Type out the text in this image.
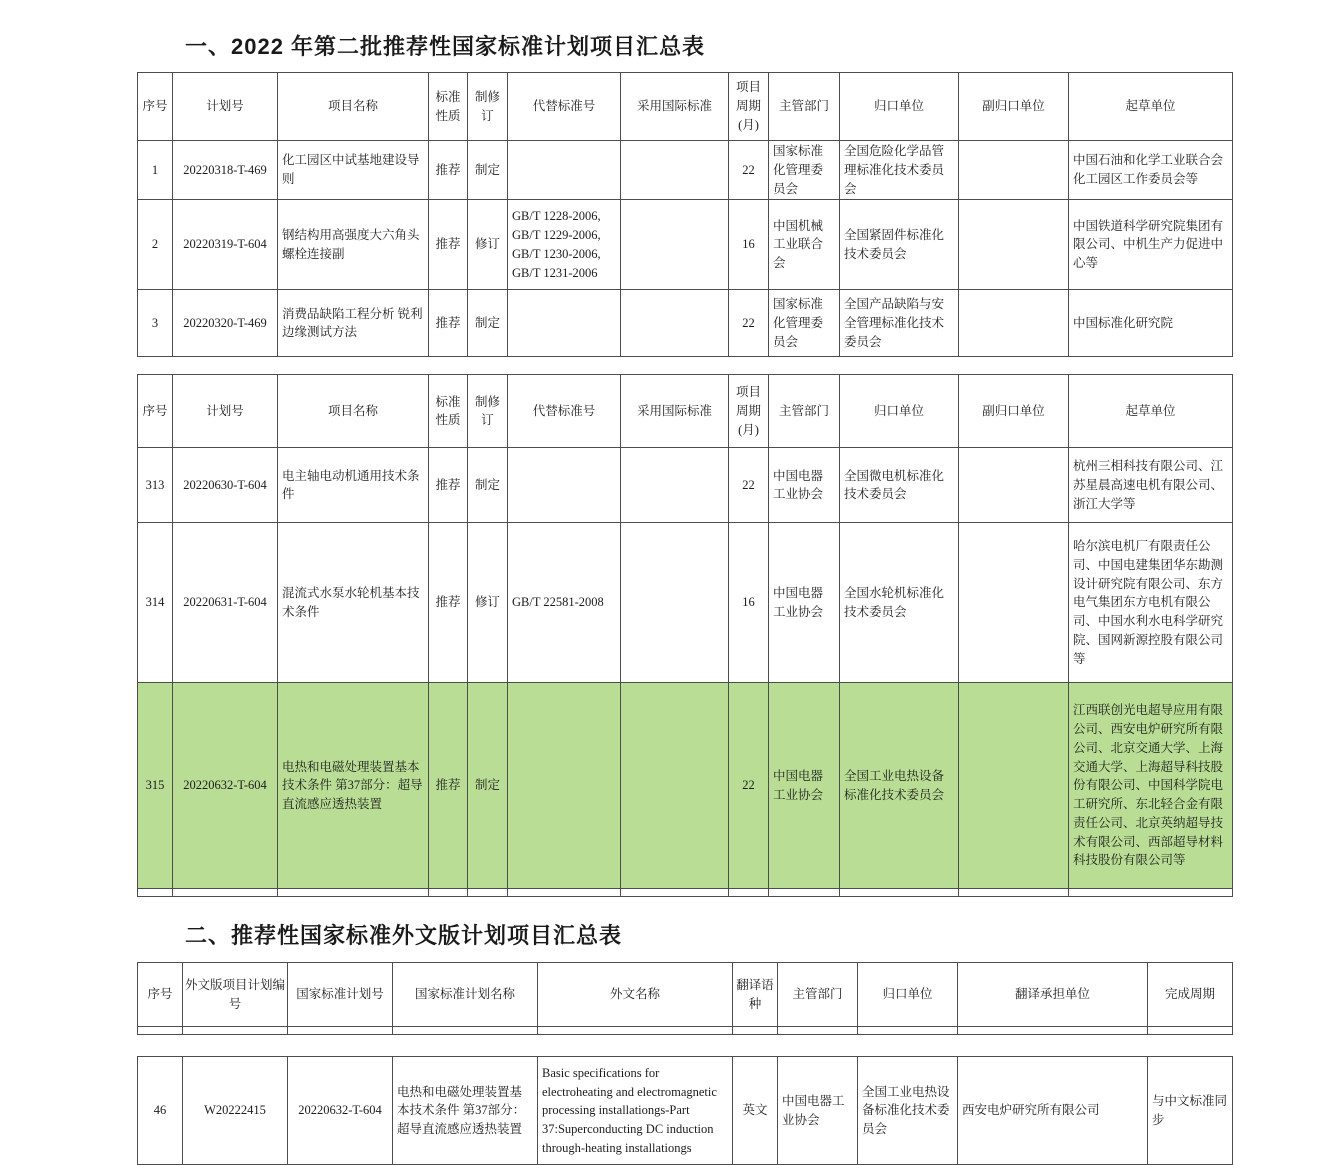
一、2022 年第二批推荐性国家标准计划项目汇总表
序号	计划号	项目名称	标准性质	制修订	代替标准号	采用国际标准	项目周期(月)	主管部门	归口单位	副归口单位	起草单位
1	20220318-T-469	化工园区中试基地建设导则	推荐	制定			22	国家标准化管理委员会	全国危险化学品管理标准化技术委员会		中国石油和化学工业联合会化工园区工作委员会等
2	20220319-T-604	钢结构用高强度大六角头螺栓连接副	推荐	修订	GB/T 1228-2006, GB/T 1229-2006, GB/T 1230-2006, GB/T 1231-2006		16	中国机械工业联合会	全国紧固件标准化技术委员会		中国铁道科学研究院集团有限公司、中机生产力促进中心等
3	20220320-T-469	消费品缺陷工程分析 锐利边缘测试方法	推荐	制定			22	国家标准化管理委员会	全国产品缺陷与安全管理标准化技术委员会		中国标准化研究院
序号	计划号	项目名称	标准性质	制修订	代替标准号	采用国际标准	项目周期(月)	主管部门	归口单位	副归口单位	起草单位
313	20220630-T-604	电主轴电动机通用技术条件	推荐	制定			22	中国电器工业协会	全国微电机标准化技术委员会		杭州三相科技有限公司、江苏星晨高速电机有限公司、浙江大学等
314	20220631-T-604	混流式水泵水轮机基本技术条件	推荐	修订	GB/T 22581-2008		16	中国电器工业协会	全国水轮机标准化技术委员会		哈尔滨电机厂有限责任公司、中国电建集团华东勘测设计研究院有限公司、东方电气集团东方电机有限公司、中国水利水电科学研究院、国网新源控股有限公司等
315	20220632-T-604	电热和电磁处理装置基本技术条件 第37部分：超导直流感应透热装置	推荐	制定			22	中国电器工业协会	全国工业电热设备标准化技术委员会		江西联创光电超导应用有限公司、西安电炉研究所有限公司、北京交通大学、上海交通大学、上海超导科技股份有限公司、中国科学院电工研究所、东北轻合金有限责任公司、北京英纳超导技术有限公司、西部超导材料科技股份有限公司等

二、推荐性国家标准外文版计划项目汇总表
序号	外文版项目计划编号	国家标准计划号	国家标准计划名称	外文名称	翻译语种	主管部门	归口单位	翻译承担单位	完成周期

46	W20222415	20220632-T-604	电热和电磁处理装置基本技术条件 第37部分：超导直流感应透热装置	Basic specifications for electroheating and electromagnetic processing installationgs-Part 37:Superconducting DC induction through-heating installationgs	英文	中国电器工业协会	全国工业电热设备标准化技术委员会	西安电炉研究所有限公司	与中文标准同步
